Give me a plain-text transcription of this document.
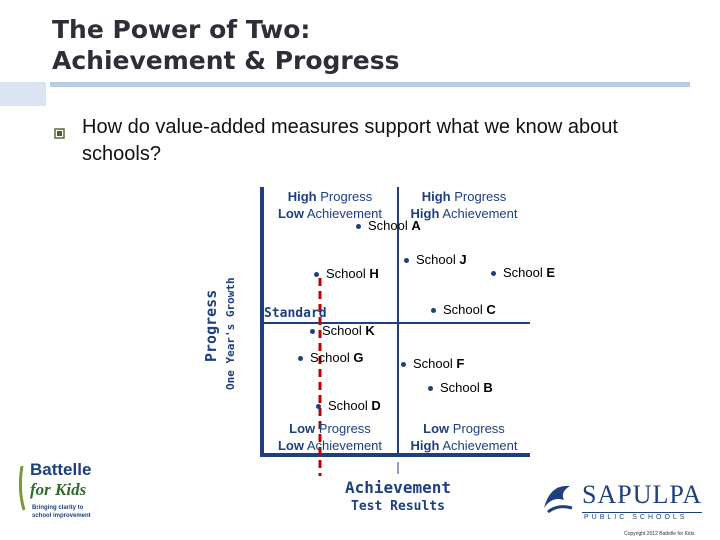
The Power of Two:
Achievement & Progress
How do value-added measures support what we know about schools?
High Progress
Low Achievement
High Progress
High Achievement
Low Progress
Low Achievement
Low Progress
High Achievement
School A
School J
School H	School E
School C
School K
School G	School F
School B
School D
Progress One Year's Growth Standard
Achievement
Test Results
Battelle
for Kids
Bringing clarity to
school improvement
SAPULPA
PUBLIC SCHOOLS
Copyright 2012 Battelle for Kids
